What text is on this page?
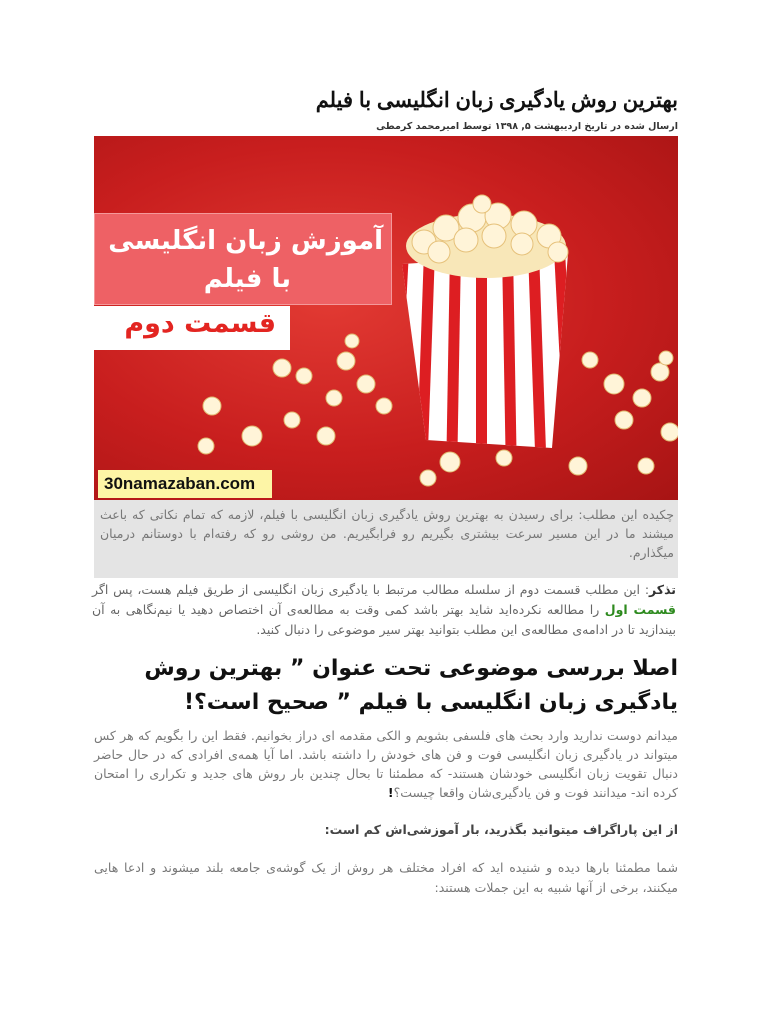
بهترین روش یادگیری زبان انگلیسی با فیلم
ارسال شده در تاریخ اردیبهشت ۵, ۱۳۹۸ توسط امیرمحمد کرمطی
آموزش زبان انگلیسی
با فیلم
قسمت دوم
30namazaban.com
چکیده این مطلب: برای رسیدن به بهترین روش یادگیری زبان انگلیسی با فیلم، لازمه که تمام نکاتی که باعث میشند ما در این مسیر سرعت بیشتری بگیریم رو فرابگیریم. من روشی رو که رفته‌ام با دوستانم درمیان میگذارم.
تذکر: این مطلب قسمت دوم از سلسله مطالب مرتبط با یادگیری زبان انگلیسی از طریق فیلم هست، پس اگر قسمت اول را مطالعه نکرده‌اید شاید بهتر باشد کمی وقت به مطالعه‌ی آن اختصاص دهید یا نیم‌نگاهی به آن بیندازید تا در ادامه‌ی مطالعه‌ی این مطلب بتوانید بهتر سیر موضوعی را دنبال کنید.
اصلا بررسی موضوعی تحت عنوان ” بهترین روش یادگیری زبان انگلیسی با فیلم ” صحیح است؟!
میدانم دوست ندارید وارد بحث های فلسفی بشویم و الکی مقدمه ای دراز بخوانیم. فقط این را بگویم که هر کس میتواند در یادگیری زبان انگلیسی فوت و فن های خودش را داشته باشد. اما آیا همه‌ی افرادی که در حال حاضر دنبال تقویت زبان انگلیسی خودشان هستند- که مطمئنا تا بحال چندین بار روش های جدید و تکراری را امتحان کرده اند- میدانند فوت و فن یادگیری‌شان واقعا چیست؟!
از این پاراگراف میتوانید بگذرید، بار آموزشی‌اش کم است:
شما مطمئنا بارها دیده و شنیده اید که افراد مختلف هر روش از یک گوشه‌ی جامعه بلند میشوند و ادعا هایی میکنند، برخی از آنها شبیه به این جملات هستند:
